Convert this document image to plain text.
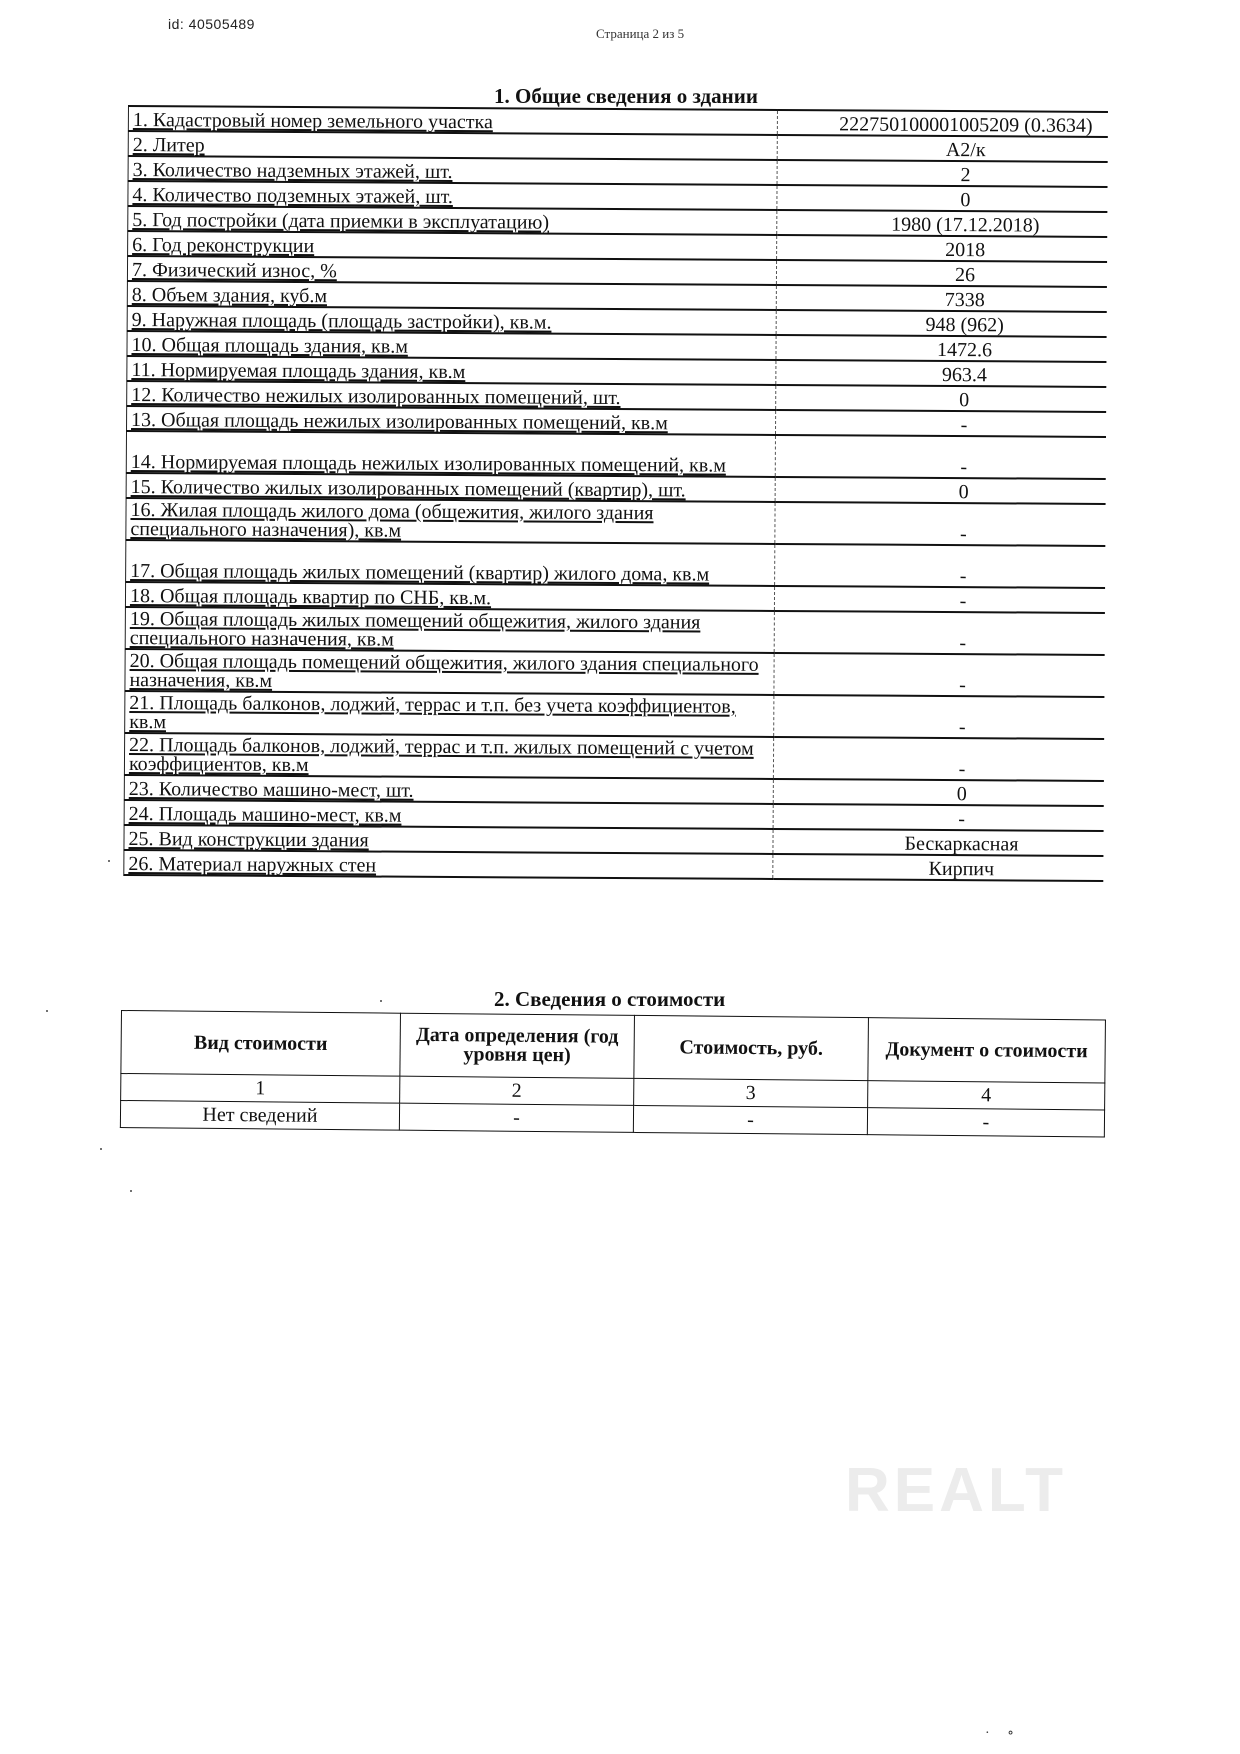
id: 40505489
Страница 2 из 5
1. Общие сведения о здании
1. Кадастровый номер земельного участка	222750100001005209 (0.3634)
2. Литер	А2/к
3. Количество надземных этажей, шт.	2
4. Количество подземных этажей, шт.	0
5. Год постройки (дата приемки в эксплуатацию)	1980 (17.12.2018)
6. Год реконструкции	2018
7. Физический износ, %	26
8. Объем здания, куб.м	7338
9. Наружная площадь (площадь застройки), кв.м.	948 (962)
10. Общая площадь здания, кв.м	1472.6
11. Нормируемая площадь здания, кв.м	963.4
12. Количество нежилых изолированных помещений, шт.	0
13. Общая площадь нежилых изолированных помещений, кв.м	-
14. Нормируемая площадь нежилых изолированных помещений, кв.м	-
15. Количество жилых изолированных помещений (квартир), шт.	0
16. Жилая площадь жилого дома (общежития, жилого здания специального назначения), кв.м	-
17. Общая площадь жилых помещений (квартир) жилого дома, кв.м	-
18. Общая площадь квартир по СНБ, кв.м.	-
19. Общая площадь жилых помещений общежития, жилого здания специального назначения, кв.м	-
20. Общая площадь помещений общежития, жилого здания специального назначения, кв.м	-
21. Площадь балконов, лоджий, террас и т.п. без учета коэффициентов, кв.м	-
22. Площадь балконов, лоджий, террас и т.п. жилых помещений с учетом коэффициентов, кв.м	-
23. Количество машино-мест, шт.	0
24. Площадь машино-мест, кв.м	-
25. Вид конструкции здания	Бескаркасная
26. Материал наружных стен	Кирпич
2. Сведения о стоимости
Вид стоимости	Дата определения (год уровня цен)	Стоимость, руб.	Документ о стоимости
1	2	3	4
Нет сведений	-	-	-
REALT
·     ∘
